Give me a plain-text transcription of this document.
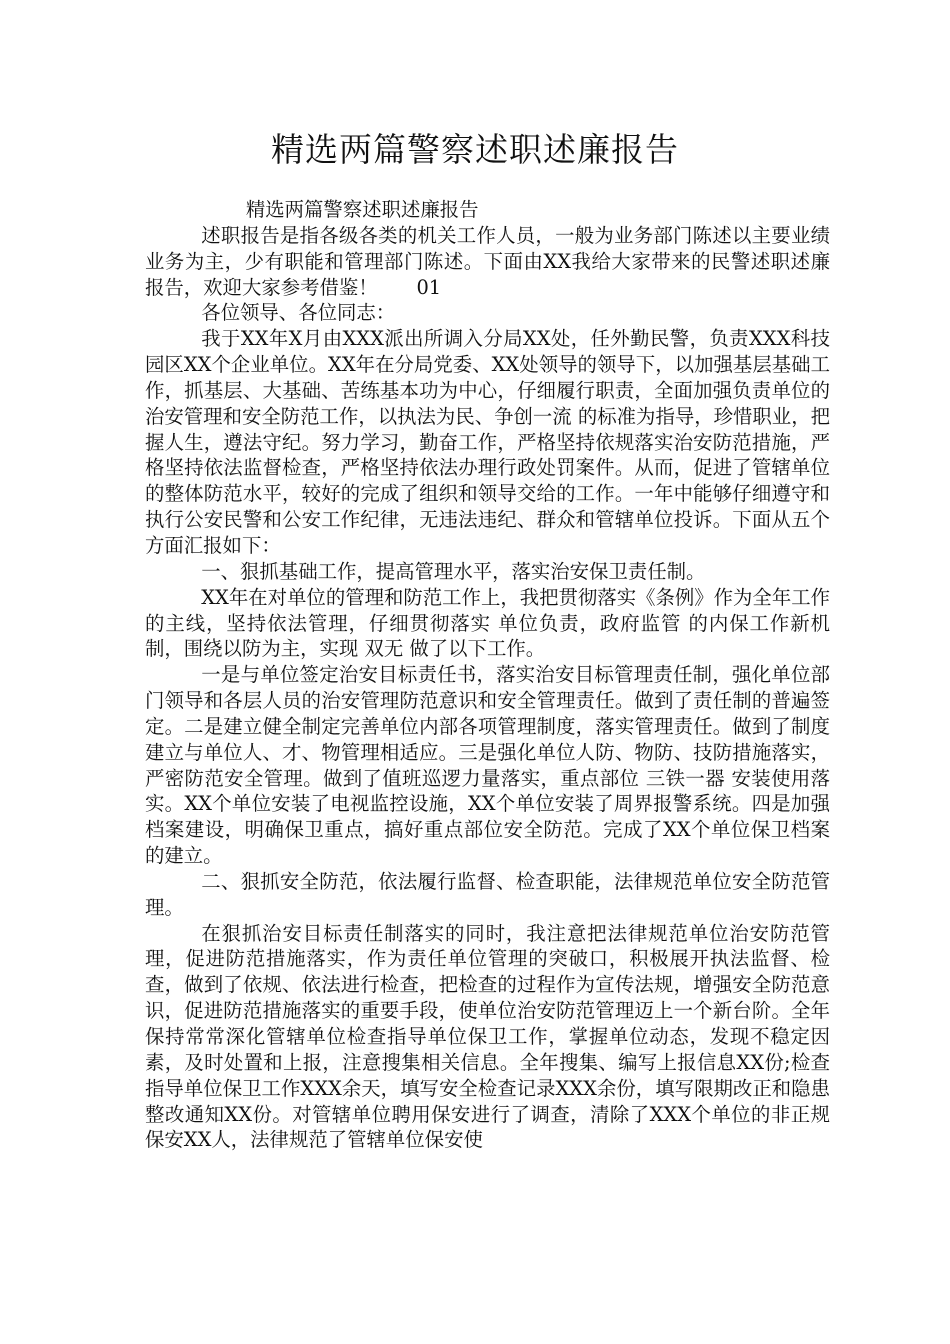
精选两篇警察述职述廉报告

精选两篇警察述职述廉报告

述职报告是指各级各类的机关工作人员，一般为业务部门陈述以主要业绩业务为主，少有职能和管理部门陈述。下面由XX我给大家带来的民警述职述廉报告，欢迎大家参考借鉴！　　01

各位领导、各位同志：

我于XX年X月由XXX派出所调入分局XX处，任外勤民警，负责XXX科技园区XX个企业单位。XX年在分局党委、XX处领导的领导下，以加强基层基础工作，抓基层、大基础、苦练基本功为中心，仔细履行职责，全面加强负责单位的治安管理和安全防范工作，以执法为民、争创一流 的标准为指导，珍惜职业，把握人生，遵法守纪。努力学习，勤奋工作，严格坚持依规落实治安防范措施，严格坚持依法监督检查，严格坚持依法办理行政处罚案件。从而，促进了管辖单位的整体防范水平，较好的完成了组织和领导交给的工作。一年中能够仔细遵守和执行公安民警和公安工作纪律，无违法违纪、群众和管辖单位投诉。下面从五个方面汇报如下：

一、狠抓基础工作，提高管理水平，落实治安保卫责任制。

XX年在对单位的管理和防范工作上，我把贯彻落实《条例》作为全年工作的主线，坚持依法管理，仔细贯彻落实 单位负责，政府监管 的内保工作新机制，围绕以防为主，实现 双无 做了以下工作。

一是与单位签定治安目标责任书，落实治安目标管理责任制，强化单位部门领导和各层人员的治安管理防范意识和安全管理责任。做到了责任制的普遍签定。二是建立健全制定完善单位内部各项管理制度，落实管理责任。做到了制度建立与单位人、才、物管理相适应。三是强化单位人防、物防、技防措施落实，严密防范安全管理。做到了值班巡逻力量落实，重点部位 三铁一器 安装使用落实。XX个单位安装了电视监控设施，XX个单位安装了周界报警系统。四是加强档案建设，明确保卫重点，搞好重点部位安全防范。完成了XX个单位保卫档案的建立。

二、狠抓安全防范，依法履行监督、检查职能，法律规范单位安全防范管理。

在狠抓治安目标责任制落实的同时，我注意把法律规范单位治安防范管理，促进防范措施落实，作为责任单位管理的突破口，积极展开执法监督、检查，做到了依规、依法进行检查，把检查的过程作为宣传法规，增强安全防范意识，促进防范措施落实的重要手段，使单位治安防范管理迈上一个新台阶。全年保持常常深化管辖单位检查指导单位保卫工作，掌握单位动态，发现不稳定因素，及时处置和上报，注意搜集相关信息。全年搜集、编写上报信息XX份;检查指导单位保卫工作XXX余天，填写安全检查记录XXX余份，填写限期改正和隐患整改通知XX份。对管辖单位聘用保安进行了调查，清除了XXX个单位的非正规保安XX人，法律规范了管辖单位保安使
